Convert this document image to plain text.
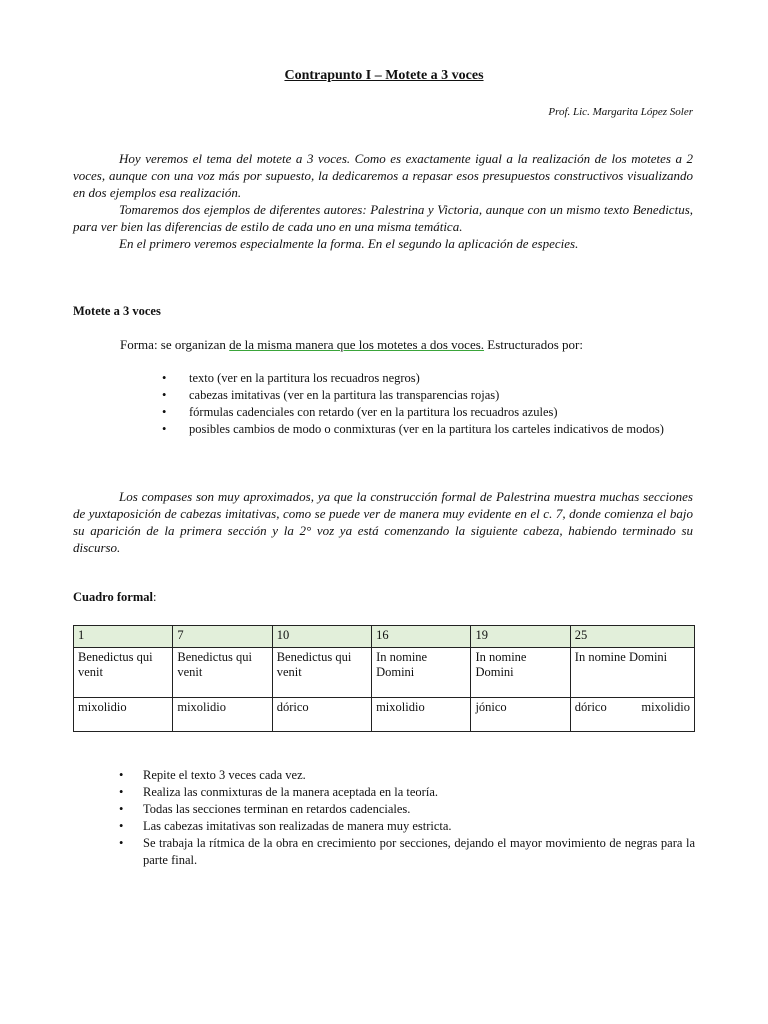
Contrapunto I – Motete a 3 voces
Prof. Lic. Margarita López Soler

Hoy veremos el tema del motete a 3 voces. Como es exactamente igual a la realización de los motetes a 2 voces, aunque con una voz más por supuesto, la dedicaremos a repasar esos presupuestos constructivos visualizando en dos ejemplos esa realización.

Tomaremos dos ejemplos de diferentes autores: Palestrina y Victoria, aunque con un mismo texto Benedictus, para ver bien las diferencias de estilo de cada uno en una misma temática.

En el primero veremos especialmente la forma. En el segundo la aplicación de especies.

Motete a 3 voces
Forma: se organizan de la misma manera que los motetes a dos voces. Estructurados por:
• texto (ver en la partitura los recuadros negros)
• cabezas imitativas (ver en la partitura las transparencias rojas)
• fórmulas cadenciales con retardo (ver en la partitura los recuadros azules)
• posibles cambios de modo o conmixturas (ver en la partitura los carteles indicativos de modos)

Los compases son muy aproximados, ya que la construcción formal de Palestrina muestra muchas secciones de yuxtaposición de cabezas imitativas, como se puede ver de manera muy evidente en el c. 7, donde comienza el bajo su aparición de la primera sección y la 2° voz ya está comenzando la siguiente cabeza, habiendo terminado su discurso.

Cuadro formal:
1	7	10	16	19	25
Benedictus qui venit	Benedictus qui venit	Benedictus qui venit	In nomine Domini	In nomine Domini	In nomine Domini
mixolidio	mixolidio	dórico	mixolidio	jónico	dórico mixolidio
• Repite el texto 3 veces cada vez.
• Realiza las conmixturas de la manera aceptada en la teoría.
• Todas las secciones terminan en retardos cadenciales.
• Las cabezas imitativas son realizadas de manera muy estricta.
• Se trabaja la rítmica de la obra en crecimiento por secciones, dejando el mayor movimiento de negras para la parte final.
